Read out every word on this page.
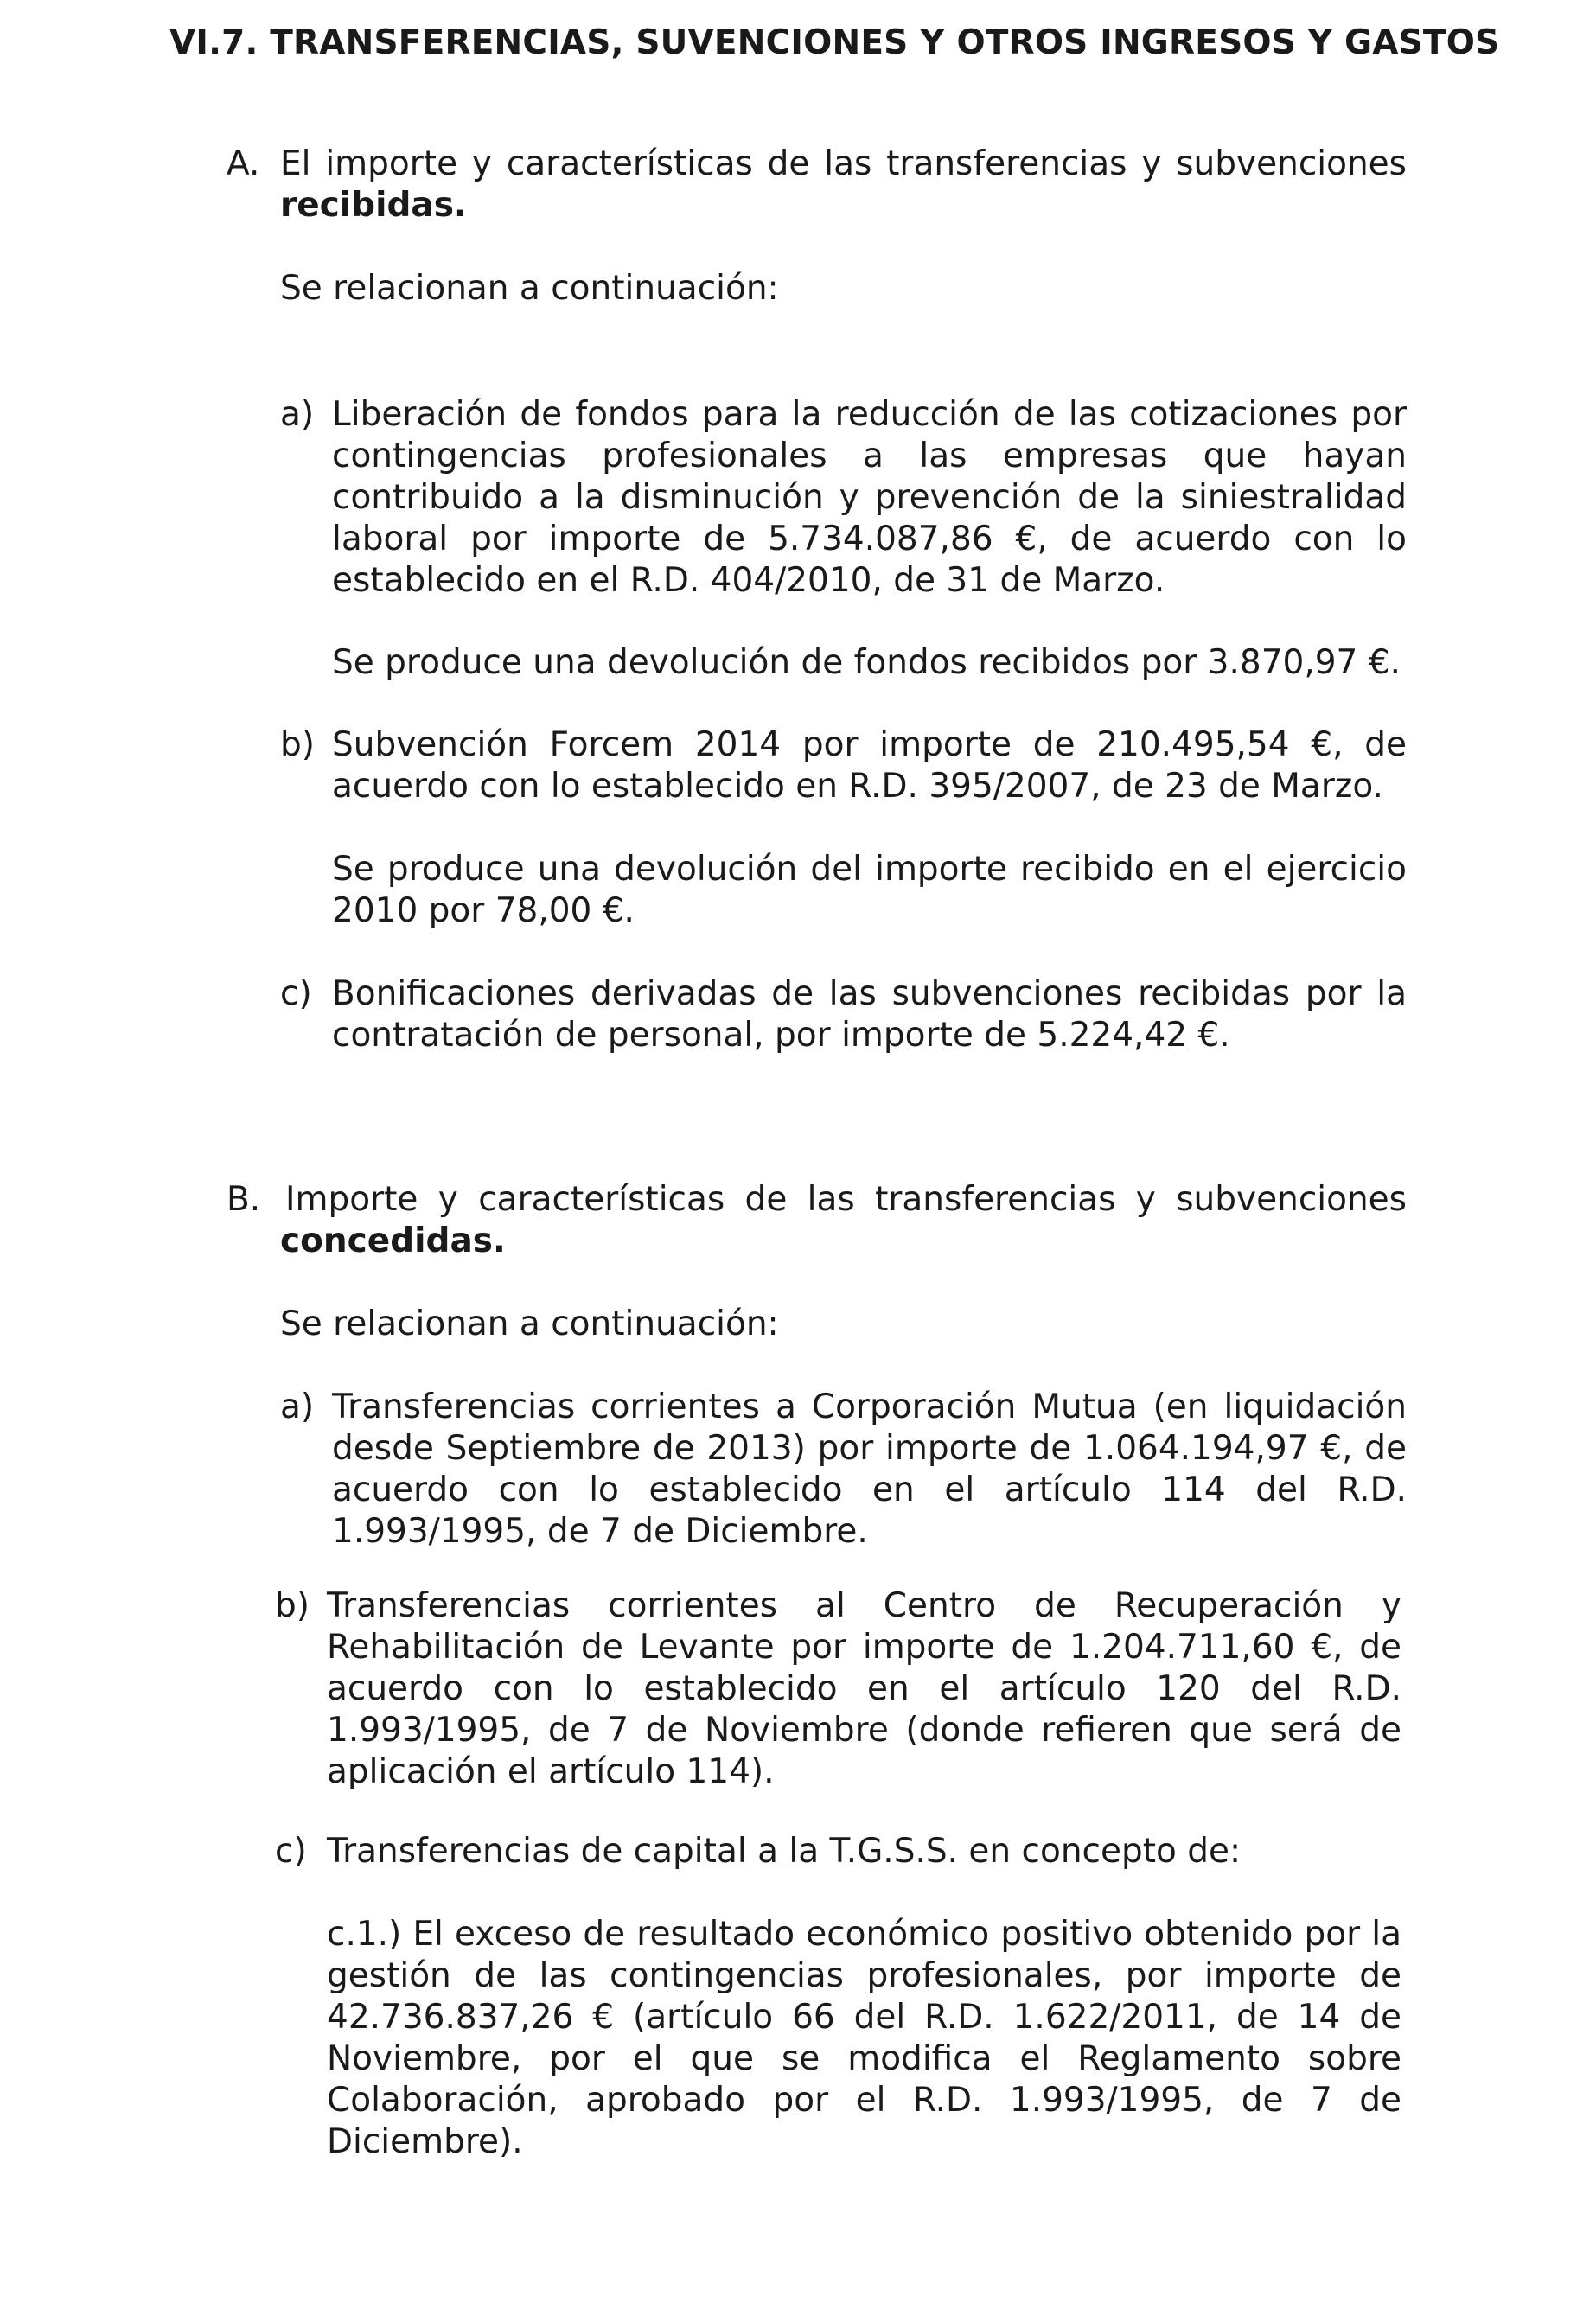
VI.7. TRANSFERENCIAS, SUVENCIONES Y OTROS INGRESOS Y GASTOS
A. El importe y características de las transferencias y subvenciones
recibidas.
Se relacionan a continuación:
a) Liberación de fondos para la reducción de las cotizaciones por contingencias profesionales a las empresas que hayan contribuido a la disminución y prevención de la siniestralidad laboral por importe de 5.734.087,86 €, de acuerdo con lo establecido en el R.D. 404/2010, de 31 de Marzo.
Se produce una devolución de fondos recibidos por 3.870,97 €.
b) Subvención Forcem 2014 por importe de 210.495,54 €, de acuerdo con lo establecido en R.D. 395/2007, de 23 de Marzo.
Se produce una devolución del importe recibido en el ejercicio 2010 por 78,00 €.
c) Bonificaciones derivadas de las subvenciones recibidas por la contratación de personal, por importe de 5.224,42 €.
B. Importe y características de las transferencias y subvenciones
concedidas.
Se relacionan a continuación:
a) Transferencias corrientes a Corporación Mutua (en liquidación desde Septiembre de 2013) por importe de 1.064.194,97 €, de acuerdo con lo establecido en el artículo 114 del R.D. 1.993/1995, de 7 de Diciembre.
b) Transferencias corrientes al Centro de Recuperación y Rehabilitación de Levante por importe de 1.204.711,60 €, de acuerdo con lo establecido en el artículo 120 del R.D. 1.993/1995, de 7 de Noviembre (donde refieren que será de aplicación el artículo 114).
c) Transferencias de capital a la T.G.S.S. en concepto de:
c.1.) El exceso de resultado económico positivo obtenido por la gestión de las contingencias profesionales, por importe de 42.736.837,26 € (artículo 66 del R.D. 1.622/2011, de 14 de Noviembre, por el que se modifica el Reglamento sobre Colaboración, aprobado por el R.D. 1.993/1995, de 7 de Diciembre).
